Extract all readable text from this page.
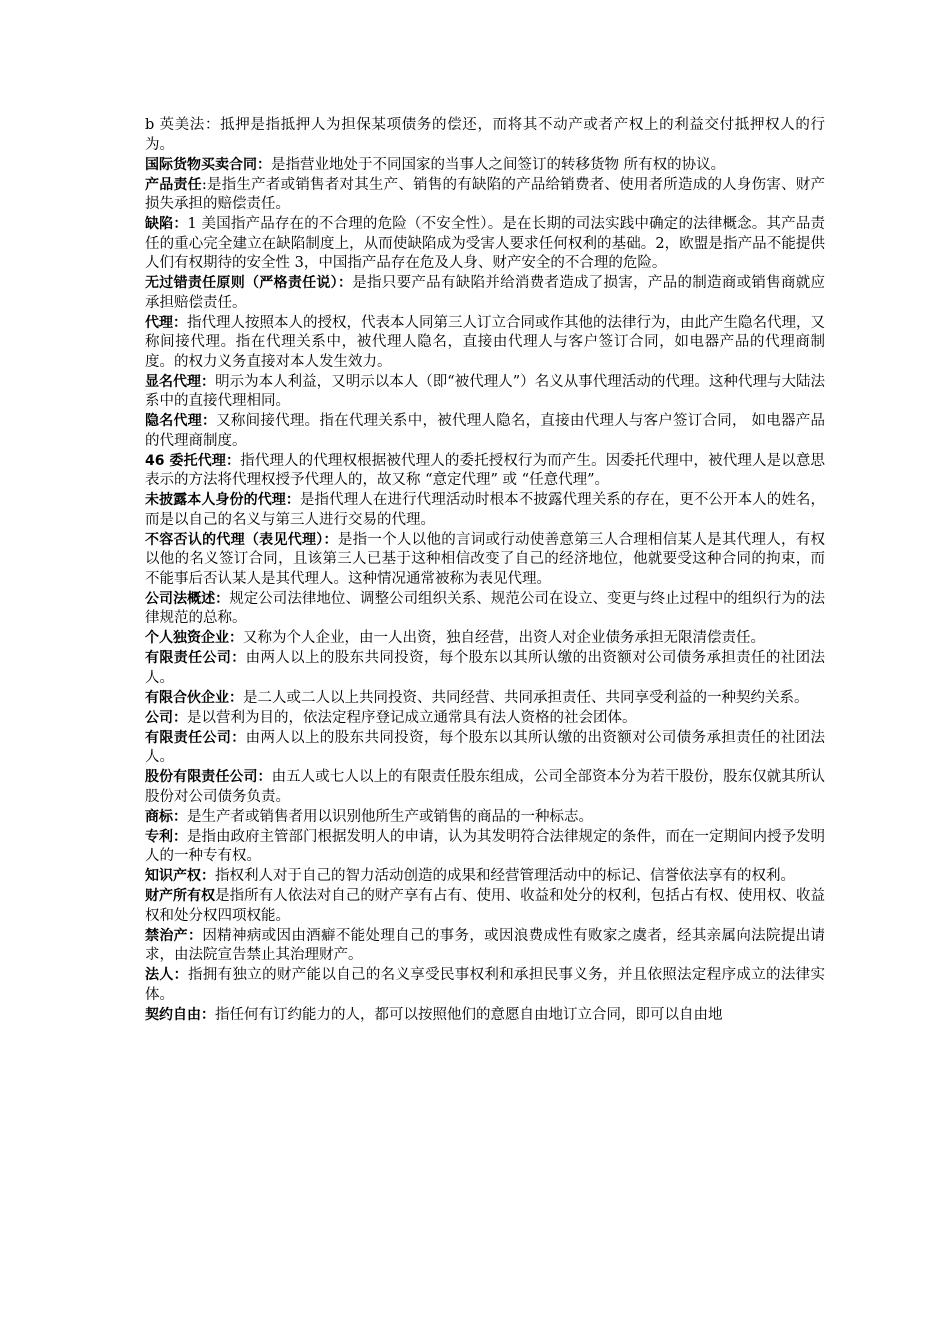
b 英美法：抵押是指抵押人为担保某项债务的偿还，而将其不动产或者产权上的利益交付抵押权人的行为。

国际货物买卖合同：是指营业地处于不同国家的当事人之间签订的转移货物 所有权的协议。

产品责任:是指生产者或销售者对其生产、销售的有缺陷的产品给销费者、使用者所造成的人身伤害、财产损失承担的赔偿责任。

缺陷：1 美国指产品存在的不合理的危险（不安全性）。是在长期的司法实践中确定的法律概念。其产品责任的重心完全建立在缺陷制度上，从而使缺陷成为受害人要求任何权利的基础。2，欧盟是指产品不能提供人们有权期待的安全性 3，中国指产品存在危及人身、财产安全的不合理的危险。

无过错责任原则（严格责任说）：是指只要产品有缺陷并给消费者造成了损害，产品的制造商或销售商就应承担赔偿责任。

代理：指代理人按照本人的授权，代表本人同第三人订立合同或作其他的法律行为，由此产生隐名代理，又称间接代理。指在代理关系中，被代理人隐名，直接由代理人与客户签订合同，如电器产品的代理商制度。的权力义务直接对本人发生效力。

显名代理：明示为本人利益，又明示以本人（即“被代理人”）名义从事代理活动的代理。这种代理与大陆法系中的直接代理相同。

隐名代理：又称间接代理。指在代理关系中，被代理人隐名，直接由代理人与客户签订合同， 如电器产品的代理商制度。

46 委托代理：指代理人的代理权根据被代理人的委托授权行为而产生。因委托代理中，被代理人是以意思表示的方法将代理权授予代理人的，故又称 “意定代理” 或 “任意代理”。

未披露本人身份的代理：是指代理人在进行代理活动时根本不披露代理关系的存在，更不公开本人的姓名，而是以自己的名义与第三人进行交易的代理。

不容否认的代理（表见代理）：是指一个人以他的言词或行动使善意第三人合理相信某人是其代理人，有权以他的名义签订合同，且该第三人已基于这种相信改变了自己的经济地位，他就要受这种合同的拘束，而不能事后否认某人是其代理人。这种情况通常被称为表见代理。

公司法概述：规定公司法律地位、调整公司组织关系、规范公司在设立、变更与终止过程中的组织行为的法律规范的总称。

个人独资企业：又称为个人企业，由一人出资，独自经营，出资人对企业债务承担无限清偿责任。

有限责任公司：由两人以上的股东共同投资，每个股东以其所认缴的出资额对公司债务承担责任的社团法人。

有限合伙企业：是二人或二人以上共同投资、共同经营、共同承担责任、共同享受利益的一种契约关系。

公司：是以营利为目的，依法定程序登记成立通常具有法人资格的社会团体。

有限责任公司：由两人以上的股东共同投资，每个股东以其所认缴的出资额对公司债务承担责任的社团法人。

股份有限责任公司：由五人或七人以上的有限责任股东组成，公司全部资本分为若干股份，股东仅就其所认股份对公司债务负责。

商标：是生产者或销售者用以识别他所生产或销售的商品的一种标志。

专利：是指由政府主管部门根据发明人的申请，认为其发明符合法律规定的条件，而在一定期间内授予发明人的一种专有权。

知识产权：指权利人对于自己的智力活动创造的成果和经营管理活动中的标记、信誉依法享有的权利。

财产所有权是指所有人依法对自己的财产享有占有、使用、收益和处分的权利，包括占有权、使用权、收益权和处分权四项权能。

禁治产：因精神病或因由酒癖不能处理自己的事务，或因浪费成性有败家之虞者，经其亲属向法院提出请求，由法院宣告禁止其治理财产。

法人：指拥有独立的财产能以自己的名义享受民事权利和承担民事义务，并且依照法定程序成立的法律实体。

契约自由：指任何有订约能力的人，都可以按照他们的意愿自由地订立合同，即可以自由地
